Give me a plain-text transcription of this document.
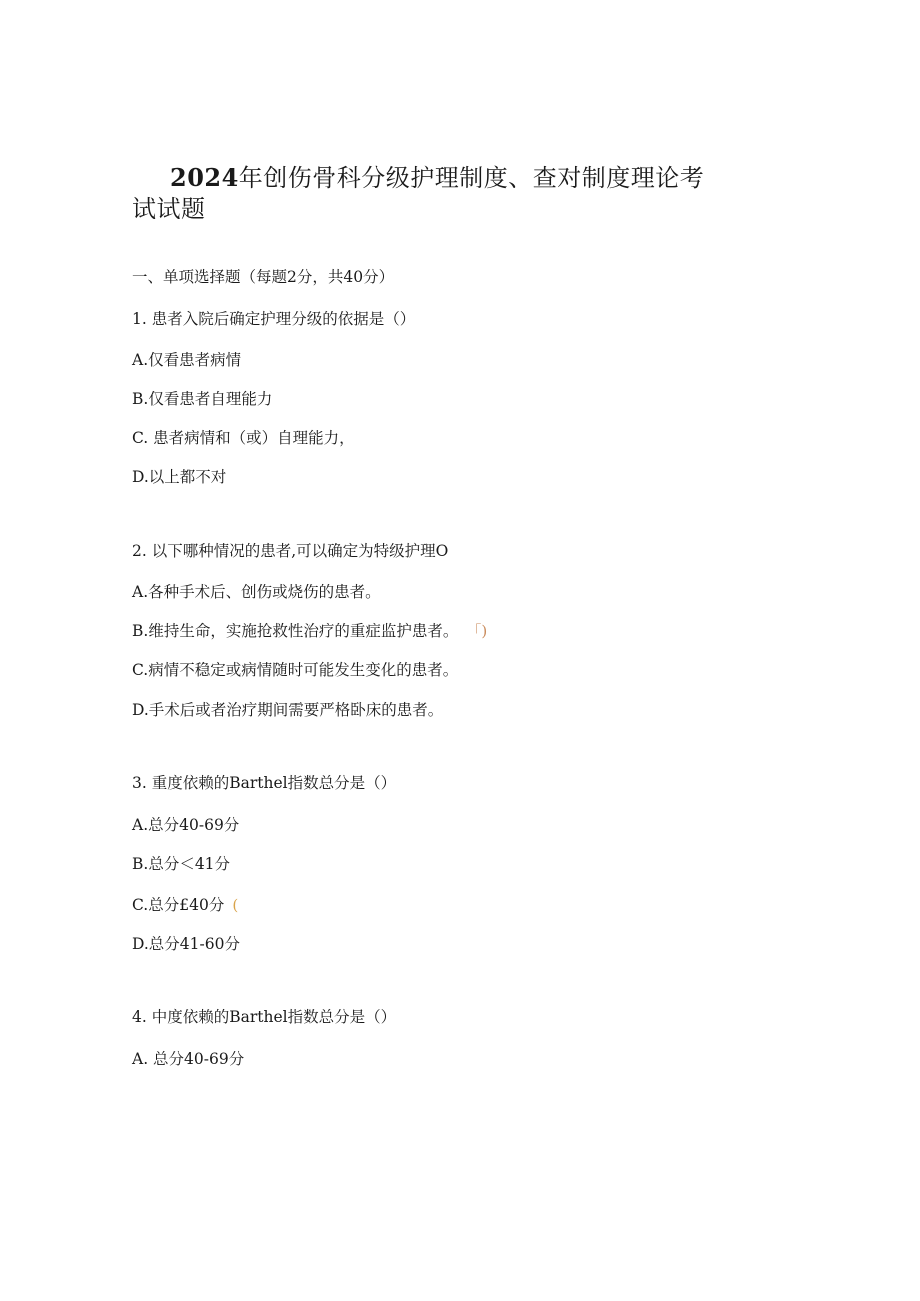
2024年创伤骨科分级护理制度、查对制度理论考
试试题
一、单项选择题（每题2分，共40分）
1. 患者入院后确定护理分级的依据是（）
A.仅看患者病情
B.仅看患者自理能力
C. 患者病情和（或）自理能力，
D.以上都不对
2. 以下哪种情况的患者,可以确定为特级护理O
A.各种手术后、创伤或烧伤的患者。
B.维持生命，实施抢救性治疗的重症监护患者。 「)
C.病情不稳定或病情随时可能发生变化的患者。
D.手术后或者治疗期间需要严格卧床的患者。
3. 重度依赖的Barthel指数总分是（）
A.总分40-69分
B.总分＜41分
C.总分£40分 (
D.总分41-60分
4. 中度依赖的Barthel指数总分是（）
A. 总分40-69分
